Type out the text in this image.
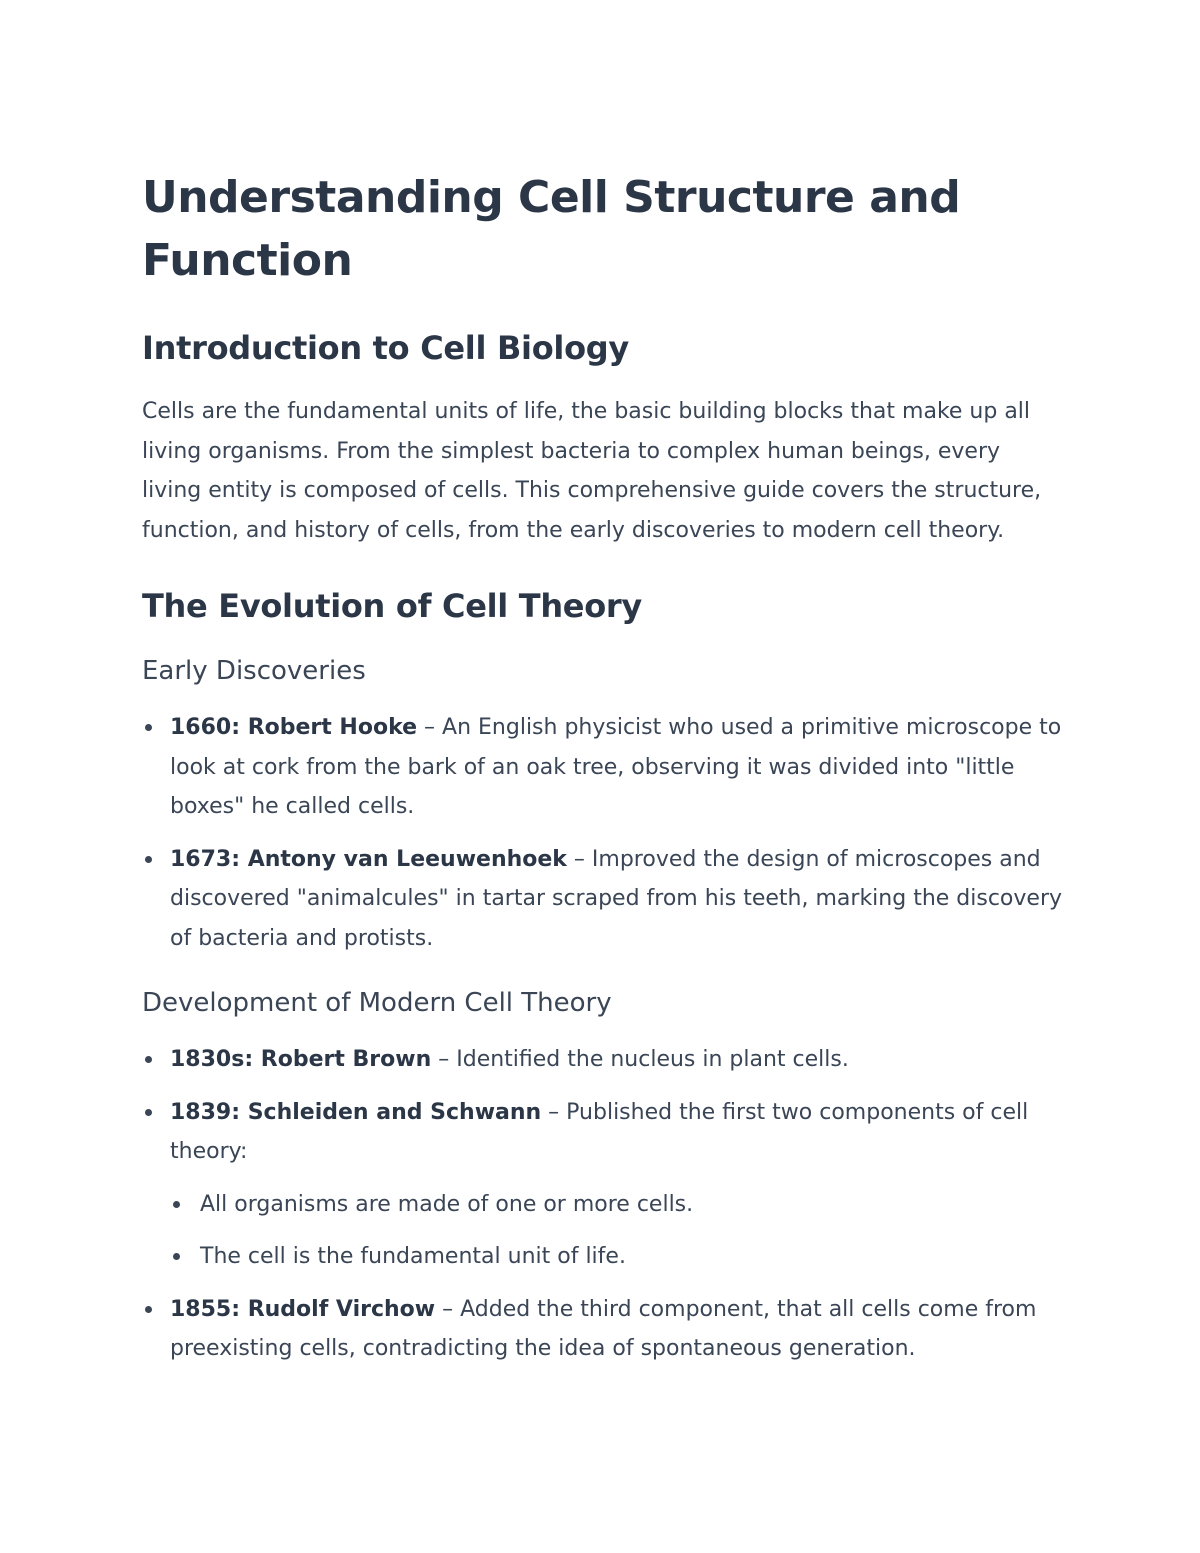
Understanding Cell Structure and Function
Introduction to Cell Biology

Cells are the fundamental units of life, the basic building blocks that make up all living organisms. From the simplest bacteria to complex human beings, every living entity is composed of cells. This comprehensive guide covers the structure, function, and history of cells, from the early discoveries to modern cell theory.

The Evolution of Cell Theory
Early Discoveries
1660: Robert Hooke – An English physicist who used a primitive microscope to look at cork from the bark of an oak tree, observing it was divided into "little boxes" he called cells.
1673: Antony van Leeuwenhoek – Improved the design of microscopes and discovered "animalcules" in tartar scraped from his teeth, marking the discovery of bacteria and protists.
Development of Modern Cell Theory
1830s: Robert Brown – Identified the nucleus in plant cells.
1839: Schleiden and Schwann – Published the first two components of cell theory:
All organisms are made of one or more cells.
The cell is the fundamental unit of life.
1855: Rudolf Virchow – Added the third component, that all cells come from preexisting cells, contradicting the idea of spontaneous generation.
